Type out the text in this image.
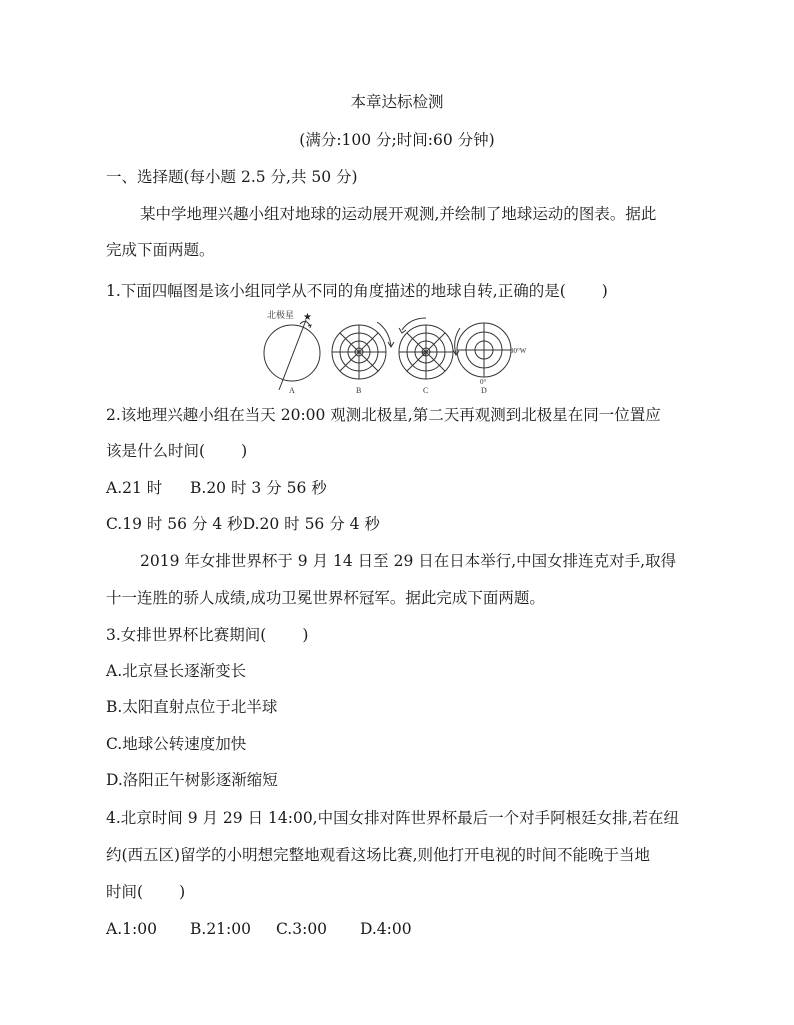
本章达标检测
(满分:100 分;时间:60 分钟)
一、选择题(每小题 2.5 分,共 50 分)
某中学地理兴趣小组对地球的运动展开观测,并绘制了地球运动的图表。据此
完成下面两题。
1.下面四幅图是该小组同学从不同的角度描述的地球自转,正确的是( )
北极星 ★
A	B
S
C
90°W
0°
D
2.该地理兴趣小组在当天 20:00 观测北极星,第二天再观测到北极星在同一位置应
该是什么时间( )
A.21 时 B.20 时 3 分 56 秒
C.19 时 56 分 4 秒D.20 时 56 分 4 秒
2019 年女排世界杯于 9 月 14 日至 29 日在日本举行,中国女排连克对手,取得
十一连胜的骄人成绩,成功卫冕世界杯冠军。据此完成下面两题。
3.女排世界杯比赛期间( )
A.北京昼长逐渐变长
B.太阳直射点位于北半球
C.地球公转速度加快
D.洛阳正午树影逐渐缩短
4.北京时间 9 月 29 日 14:00,中国女排对阵世界杯最后一个对手阿根廷女排,若在纽
约(西五区)留学的小明想完整地观看这场比赛,则他打开电视的时间不能晚于当地
时间( )
A.1:00 B.21:00 C.3:00 D.4:00
